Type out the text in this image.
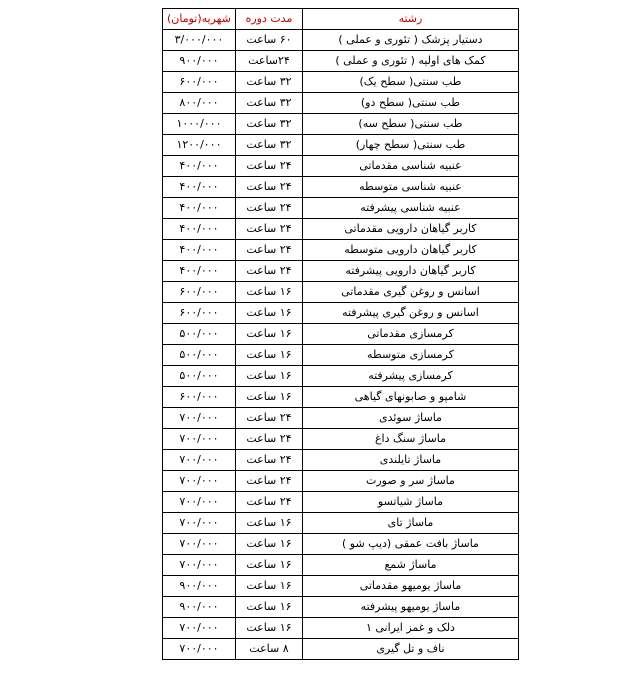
رشته	مدت دوره	شهریه(تومان)
دستیار پزشک ( تئوری و عملی )	۶۰ ساعت	۳/۰۰۰/۰۰۰
کمک های اولیه ( تئوری و عملی )	۲۴ساعت	۹۰۰/۰۰۰
طب سنتی( سطح یک)	۳۲ ساعت	۶۰۰/۰۰۰
طب سنتی( سطح دو)	۳۲ ساعت	۸۰۰/۰۰۰
طب سنتی( سطح سه)	۳۲ ساعت	۱۰۰۰/۰۰۰
طب سنتی( سطح چهار)	۳۲ ساعت	۱۲۰۰/۰۰۰
عنبیه شناسی مقدماتی	۲۴ ساعت	۴۰۰/۰۰۰
عنبیه شناسی متوسطه	۲۴ ساعت	۴۰۰/۰۰۰
عنبیه شناسی پیشرفته	۲۴ ساعت	۴۰۰/۰۰۰
کاربر گیاهان دارویی مقدماتی	۲۴ ساعت	۴۰۰/۰۰۰
کاربر گیاهان دارویی متوسطه	۲۴ ساعت	۴۰۰/۰۰۰
کاربر گیاهان دارویی پیشرفته	۲۴ ساعت	۴۰۰/۰۰۰
اسانس و روغن گیری مقدماتی	۱۶ ساعت	۶۰۰/۰۰۰
اسانس و روغن گیری پیشرفته	۱۶ ساعت	۶۰۰/۰۰۰
کرمسازی مقدماتی	۱۶ ساعت	۵۰۰/۰۰۰
کرمسازی متوسطه	۱۶ ساعت	۵۰۰/۰۰۰
کرمسازی پیشرفته	۱۶ ساعت	۵۰۰/۰۰۰
شامپو و صابونهای گیاهی	۱۶ ساعت	۶۰۰/۰۰۰
ماساژ سوئدی	۲۴ ساعت	۷۰۰/۰۰۰
ماساژ سنگ داغ	۲۴ ساعت	۷۰۰/۰۰۰
ماساژ تایلندی	۲۴ ساعت	۷۰۰/۰۰۰
ماساژ سر و صورت	۲۴ ساعت	۷۰۰/۰۰۰
ماساژ شیاتسو	۲۴ ساعت	۷۰۰/۰۰۰
ماساژ تای	۱۶ ساعت	۷۰۰/۰۰۰
ماساژ بافت عمقی (دیپ شو )	۱۶ ساعت	۷۰۰/۰۰۰
ماساژ شمع	۱۶ ساعت	۷۰۰/۰۰۰
ماساژ یومیهو مقدماتی	۱۶ ساعت	۹۰۰/۰۰۰
ماساژ یومیهو پیشرفته	۱۶ ساعت	۹۰۰/۰۰۰
دلک و غمز ایرانی ۱	۱۶ ساعت	۷۰۰/۰۰۰
ناف و تل گیری	۸ ساعت	۷۰۰/۰۰۰
